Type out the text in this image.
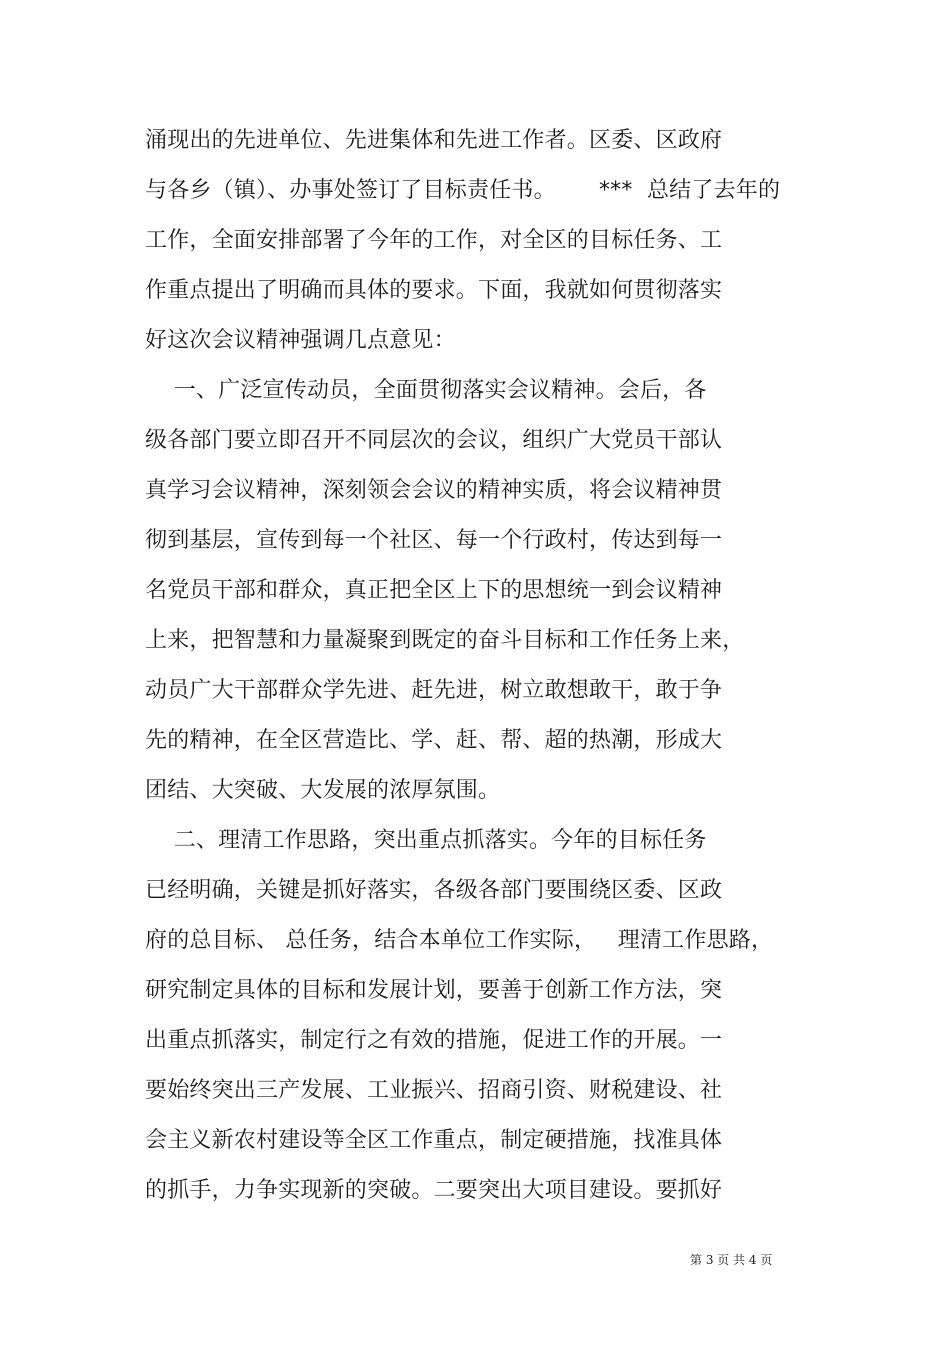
涌现出的先进单位、先进集体和先进工作者。区委、区政府
与各乡（镇）、办事处签订了目标责任书。      ***  总结了去年的
工作，全面安排部署了今年的工作，对全区的目标任务、工
作重点提出了明确而具体的要求。下面，我就如何贯彻落实
好这次会议精神强调几点意见：
一、广泛宣传动员，全面贯彻落实会议精神。会后，各
级各部门要立即召开不同层次的会议，组织广大党员干部认
真学习会议精神，深刻领会会议的精神实质，将会议精神贯
彻到基层，宣传到每一个社区、每一个行政村，传达到每一
名党员干部和群众，真正把全区上下的思想统一到会议精神
上来，把智慧和力量凝聚到既定的奋斗目标和工作任务上来，
动员广大干部群众学先进、赶先进，树立敢想敢干，敢于争
先的精神，在全区营造比、学、赶、帮、超的热潮，形成大
团结、大突破、大发展的浓厚氛围。
二、理清工作思路，突出重点抓落实。今年的目标任务
已经明确，关键是抓好落实，各级各部门要围绕区委、区政
府的总目标、 总任务，结合本单位工作实际，   理清工作思路，
研究制定具体的目标和发展计划，要善于创新工作方法，突
出重点抓落实，制定行之有效的措施，促进工作的开展。一
要始终突出三产发展、工业振兴、招商引资、财税建设、社
会主义新农村建设等全区工作重点，制定硬措施，找准具体
的抓手，力争实现新的突破。二要突出大项目建设。要抓好
第 3 页 共 4 页
